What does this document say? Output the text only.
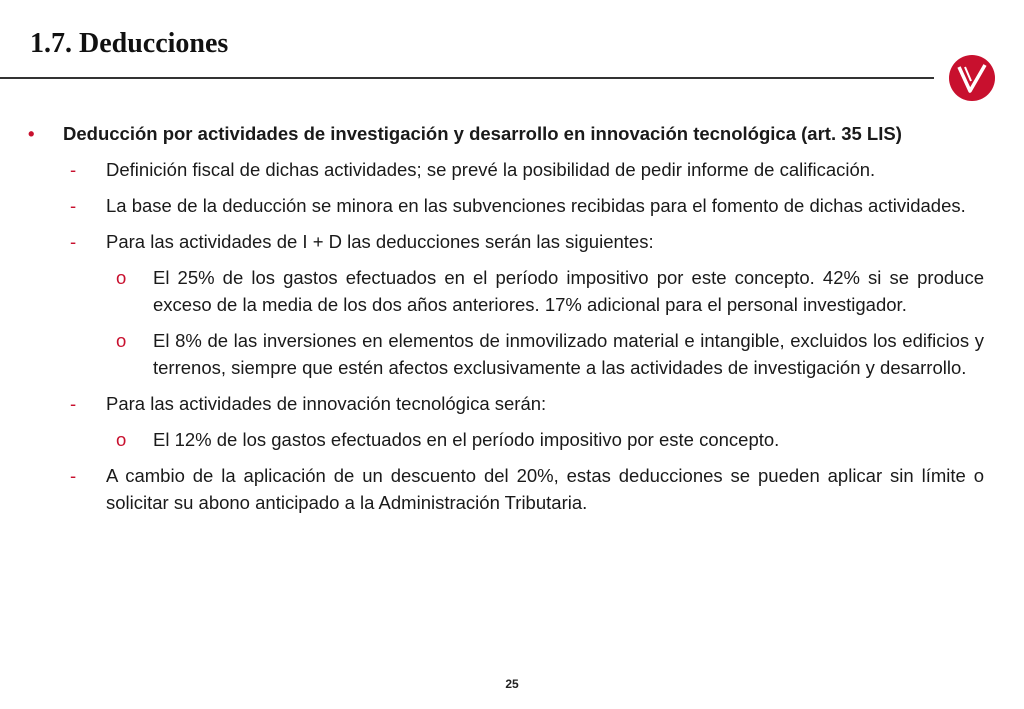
1.7. Deducciones
• Deducción por actividades de investigación y desarrollo en innovación tecnológica (art. 35 LIS)
- Definición fiscal de dichas actividades; se prevé la posibilidad de pedir informe de calificación.
- La base de la deducción se minora en las subvenciones recibidas para el fomento de dichas actividades.
- Para las actividades de I + D las deducciones serán las siguientes:
o El 25% de los gastos efectuados en el período impositivo por este concepto. 42% si se produce exceso de la media de los dos años anteriores. 17% adicional para el personal investigador.
o El 8% de las inversiones en elementos de inmovilizado material e intangible, excluidos los edificios y terrenos, siempre que estén afectos exclusivamente a las actividades de investigación y desarrollo.
- Para las actividades de innovación tecnológica serán:
o El 12% de los gastos efectuados en el período impositivo por este concepto.
- A cambio de la aplicación de un descuento del 20%, estas deducciones se pueden aplicar sin límite o solicitar su abono anticipado a la Administración Tributaria.
25
